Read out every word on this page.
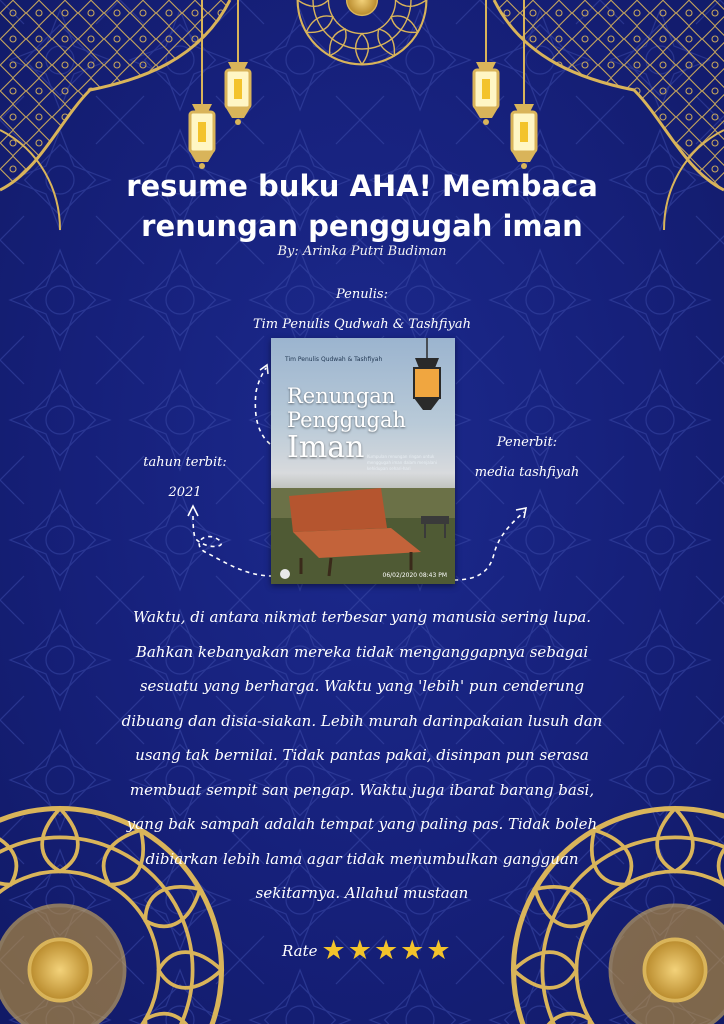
resume buku AHA! Membaca
renungan penggugah iman
By: Arinka Putri Budiman
Penulis:
Tim Penulis Qudwah & Tashfiyah
tahun terbit:
2021
Penerbit:
media tashfiyah
Tim Penulis Qudwah & Tashfiyah
Renungan
Penggugah
Iman Kumpulan renungan ringan untuk menggugah iman dalam menjalani kehidupan sehari-hari
06/02/2020 08:43 PM

Waktu, di antara nikmat terbesar yang manusia sering lupa. Bahkan kebanyakan mereka tidak menganggapnya sebagai sesuatu yang berharga. Waktu yang 'lebih' pun cenderung dibuang dan disia-siakan. Lebih murah darinpakaian lusuh dan usang tak bernilai. Tidak pantas pakai, disinpan pun serasa membuat sempit san pengap. Waktu juga ibarat barang basi, yang bak sampah adalah tempat yang paling pas. Tidak boleh dibiarkan lebih lama agar tidak menumbulkan gangguan sekitarnya. Allahul mustaan

Rate ★★★★★
